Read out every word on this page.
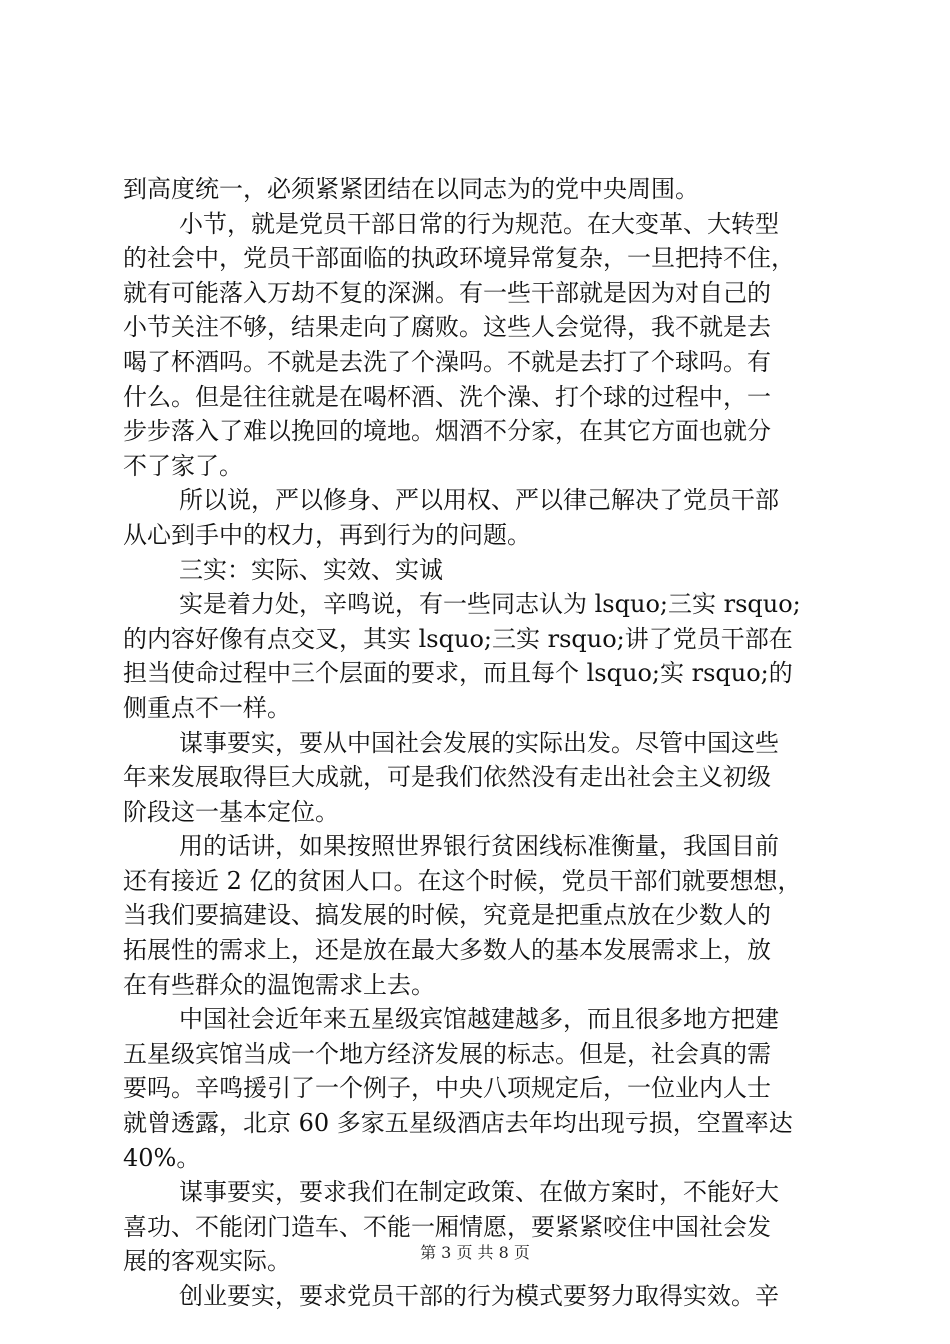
到高度统一，必须紧紧团结在以同志为的党中央周围。
小节，就是党员干部日常的行为规范。在大变革、大转型
的社会中，党员干部面临的执政环境异常复杂，一旦把持不住，
就有可能落入万劫不复的深渊。有一些干部就是因为对自己的
小节关注不够，结果走向了腐败。这些人会觉得，我不就是去
喝了杯酒吗。不就是去洗了个澡吗。不就是去打了个球吗。有
什么。但是往往就是在喝杯酒、洗个澡、打个球的过程中，一
步步落入了难以挽回的境地。烟酒不分家，在其它方面也就分
不了家了。
所以说，严以修身、严以用权、严以律己解决了党员干部
从心到手中的权力，再到行为的问题。
三实：实际、实效、实诚
实是着力处，辛鸣说，有一些同志认为 lsquo;三实 rsquo;
的内容好像有点交叉，其实 lsquo;三实 rsquo;讲了党员干部在
担当使命过程中三个层面的要求，而且每个 lsquo;实 rsquo;的
侧重点不一样。
谋事要实，要从中国社会发展的实际出发。尽管中国这些
年来发展取得巨大成就，可是我们依然没有走出社会主义初级
阶段这一基本定位。
用的话讲，如果按照世界银行贫困线标准衡量，我国目前
还有接近 2 亿的贫困人口。在这个时候，党员干部们就要想想，
当我们要搞建设、搞发展的时候，究竟是把重点放在少数人的
拓展性的需求上，还是放在最大多数人的基本发展需求上，放
在有些群众的温饱需求上去。
中国社会近年来五星级宾馆越建越多，而且很多地方把建
五星级宾馆当成一个地方经济发展的标志。但是，社会真的需
要吗。辛鸣援引了一个例子，中央八项规定后，一位业内人士
就曾透露，北京 60 多家五星级酒店去年均出现亏损，空置率达
40%。
谋事要实，要求我们在制定政策、在做方案时，不能好大
喜功、不能闭门造车、不能一厢情愿，要紧紧咬住中国社会发
展的客观实际。
创业要实，要求党员干部的行为模式要努力取得实效。辛
第 3 页 共 8 页
